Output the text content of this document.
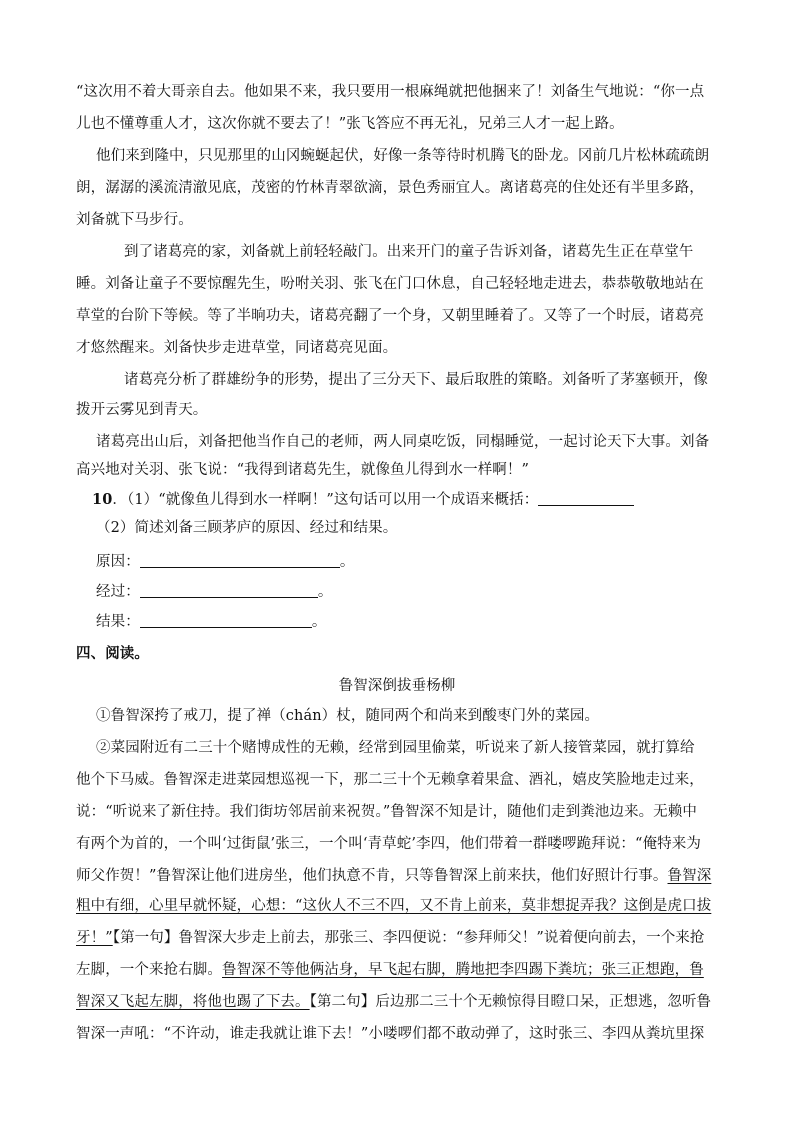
“这次用不着大哥亲自去。他如果不来，我只要用一根麻绳就把他捆来了！刘备生气地说：“你一点
儿也不懂尊重人才，这次你就不要去了！”张飞答应不再无礼，兄弟三人才一起上路。
他们来到隆中，只见那里的山冈蜿蜒起伏，好像一条等待时机腾飞的卧龙。冈前几片松林疏疏朗
朗，潺潺的溪流清澈见底，茂密的竹林青翠欲滴，景色秀丽宜人。离诸葛亮的住处还有半里多路，
刘备就下马步行。
到了诸葛亮的家，刘备就上前轻轻敲门。出来开门的童子告诉刘备，诸葛先生正在草堂午
睡。刘备让童子不要惊醒先生，吩咐关羽、张飞在门口休息，自己轻轻地走进去，恭恭敬敬地站在
草堂的台阶下等候。等了半晌功夫，诸葛亮翻了一个身，又朝里睡着了。又等了一个时辰，诸葛亮
才悠然醒来。刘备快步走进草堂，同诸葛亮见面。
诸葛亮分析了群雄纷争的形势，提出了三分天下、最后取胜的策略。刘备听了茅塞顿开，像
拨开云雾见到青天。
诸葛亮出山后，刘备把他当作自己的老师，两人同桌吃饭，同榻睡觉，一起讨论天下大事。刘备
高兴地对关羽、张飞说：“我得到诸葛先生，就像鱼儿得到水一样啊！”
10．（1）“就像鱼儿得到水一样啊！”这句话可以用一个成语来概括：
（2）简述刘备三顾茅庐的原因、经过和结果。
原因：	。
经过：	。
结果：	。
四、阅读。
鲁智深倒拔垂杨柳
①鲁智深挎了戒刀，提了禅（chán）杖，随同两个和尚来到酸枣门外的菜园。
②菜园附近有二三十个赌博成性的无赖，经常到园里偷菜，听说来了新人接管菜园，就打算给
他个下马威。鲁智深走进菜园想巡视一下，那二三十个无赖拿着果盒、酒礼，嬉皮笑脸地走过来，
说：“听说来了新住持。我们街坊邻居前来祝贺。”鲁智深不知是计，随他们走到粪池边来。无赖中
有两个为首的，一个叫‘过街鼠’张三，一个叫‘青草蛇’李四，他们带着一群喽啰跪拜说：“俺特来为
师父作贺！”鲁智深让他们进房坐，他们执意不肯，只等鲁智深上前来扶，他们好照计行事。鲁智深
粗中有细，心里早就怀疑，心想：“这伙人不三不四，又不肯上前来，莫非想捉弄我？这倒是虎口拔
牙！”【第一句】鲁智深大步走上前去，那张三、李四便说：“参拜师父！”说着便向前去，一个来抢
左脚，一个来抢右脚。鲁智深不等他俩沾身，早飞起右脚，腾地把李四踢下粪坑；张三正想跑，鲁
智深又飞起左脚，将他也踢了下去。【第二句】后边那二三十个无赖惊得目瞪口呆，正想逃，忽听鲁
智深一声吼：“不许动，谁走我就让谁下去！”小喽啰们都不敢动弹了，这时张三、李四从粪坑里探
